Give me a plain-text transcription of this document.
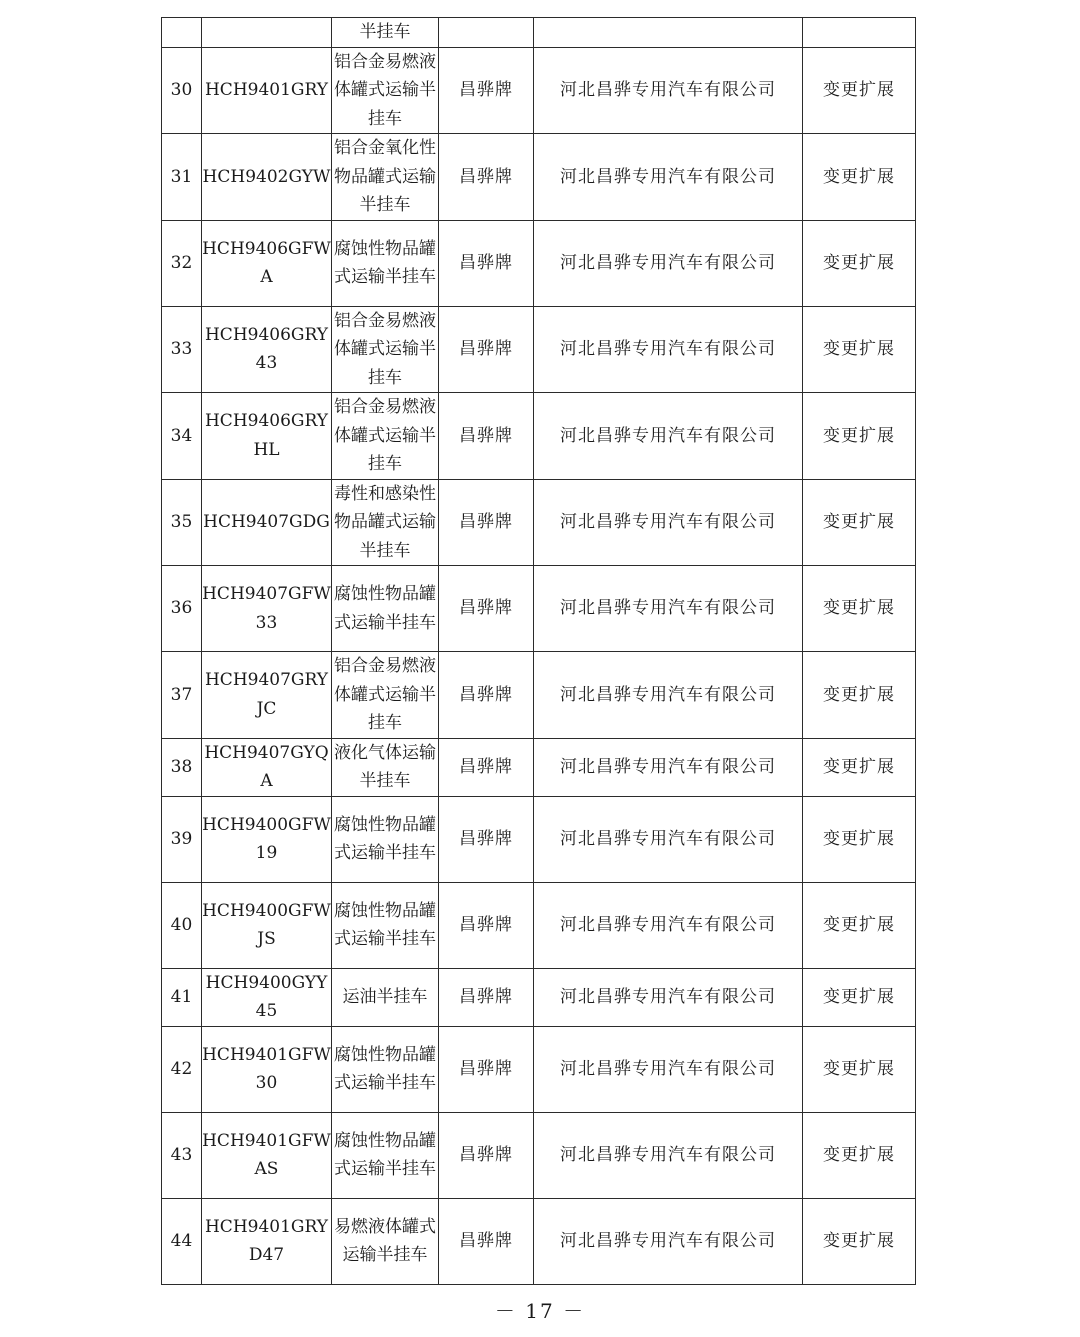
		半挂车			
30	HCH9401GRY	铝合金易燃液体罐式运输半挂车	昌骅牌	河北昌骅专用汽车有限公司	变更扩展
31	HCH9402GYW	铝合金氧化性物品罐式运输半挂车	昌骅牌	河北昌骅专用汽车有限公司	变更扩展
32	HCH9406GFWA	腐蚀性物品罐式运输半挂车	昌骅牌	河北昌骅专用汽车有限公司	变更扩展
33	HCH9406GRY43	铝合金易燃液体罐式运输半挂车	昌骅牌	河北昌骅专用汽车有限公司	变更扩展
34	HCH9406GRYHL	铝合金易燃液体罐式运输半挂车	昌骅牌	河北昌骅专用汽车有限公司	变更扩展
35	HCH9407GDG	毒性和感染性物品罐式运输半挂车	昌骅牌	河北昌骅专用汽车有限公司	变更扩展
36	HCH9407GFW33	腐蚀性物品罐式运输半挂车	昌骅牌	河北昌骅专用汽车有限公司	变更扩展
37	HCH9407GRYJC	铝合金易燃液体罐式运输半挂车	昌骅牌	河北昌骅专用汽车有限公司	变更扩展
38	HCH9407GYQA	液化气体运输半挂车	昌骅牌	河北昌骅专用汽车有限公司	变更扩展
39	HCH9400GFW19	腐蚀性物品罐式运输半挂车	昌骅牌	河北昌骅专用汽车有限公司	变更扩展
40	HCH9400GFWJS	腐蚀性物品罐式运输半挂车	昌骅牌	河北昌骅专用汽车有限公司	变更扩展
41	HCH9400GYY45	运油半挂车	昌骅牌	河北昌骅专用汽车有限公司	变更扩展
42	HCH9401GFW30	腐蚀性物品罐式运输半挂车	昌骅牌	河北昌骅专用汽车有限公司	变更扩展
43	HCH9401GFWAS	腐蚀性物品罐式运输半挂车	昌骅牌	河北昌骅专用汽车有限公司	变更扩展
44	HCH9401GRYD47	易燃液体罐式运输半挂车	昌骅牌	河北昌骅专用汽车有限公司	变更扩展
－ 17 －
